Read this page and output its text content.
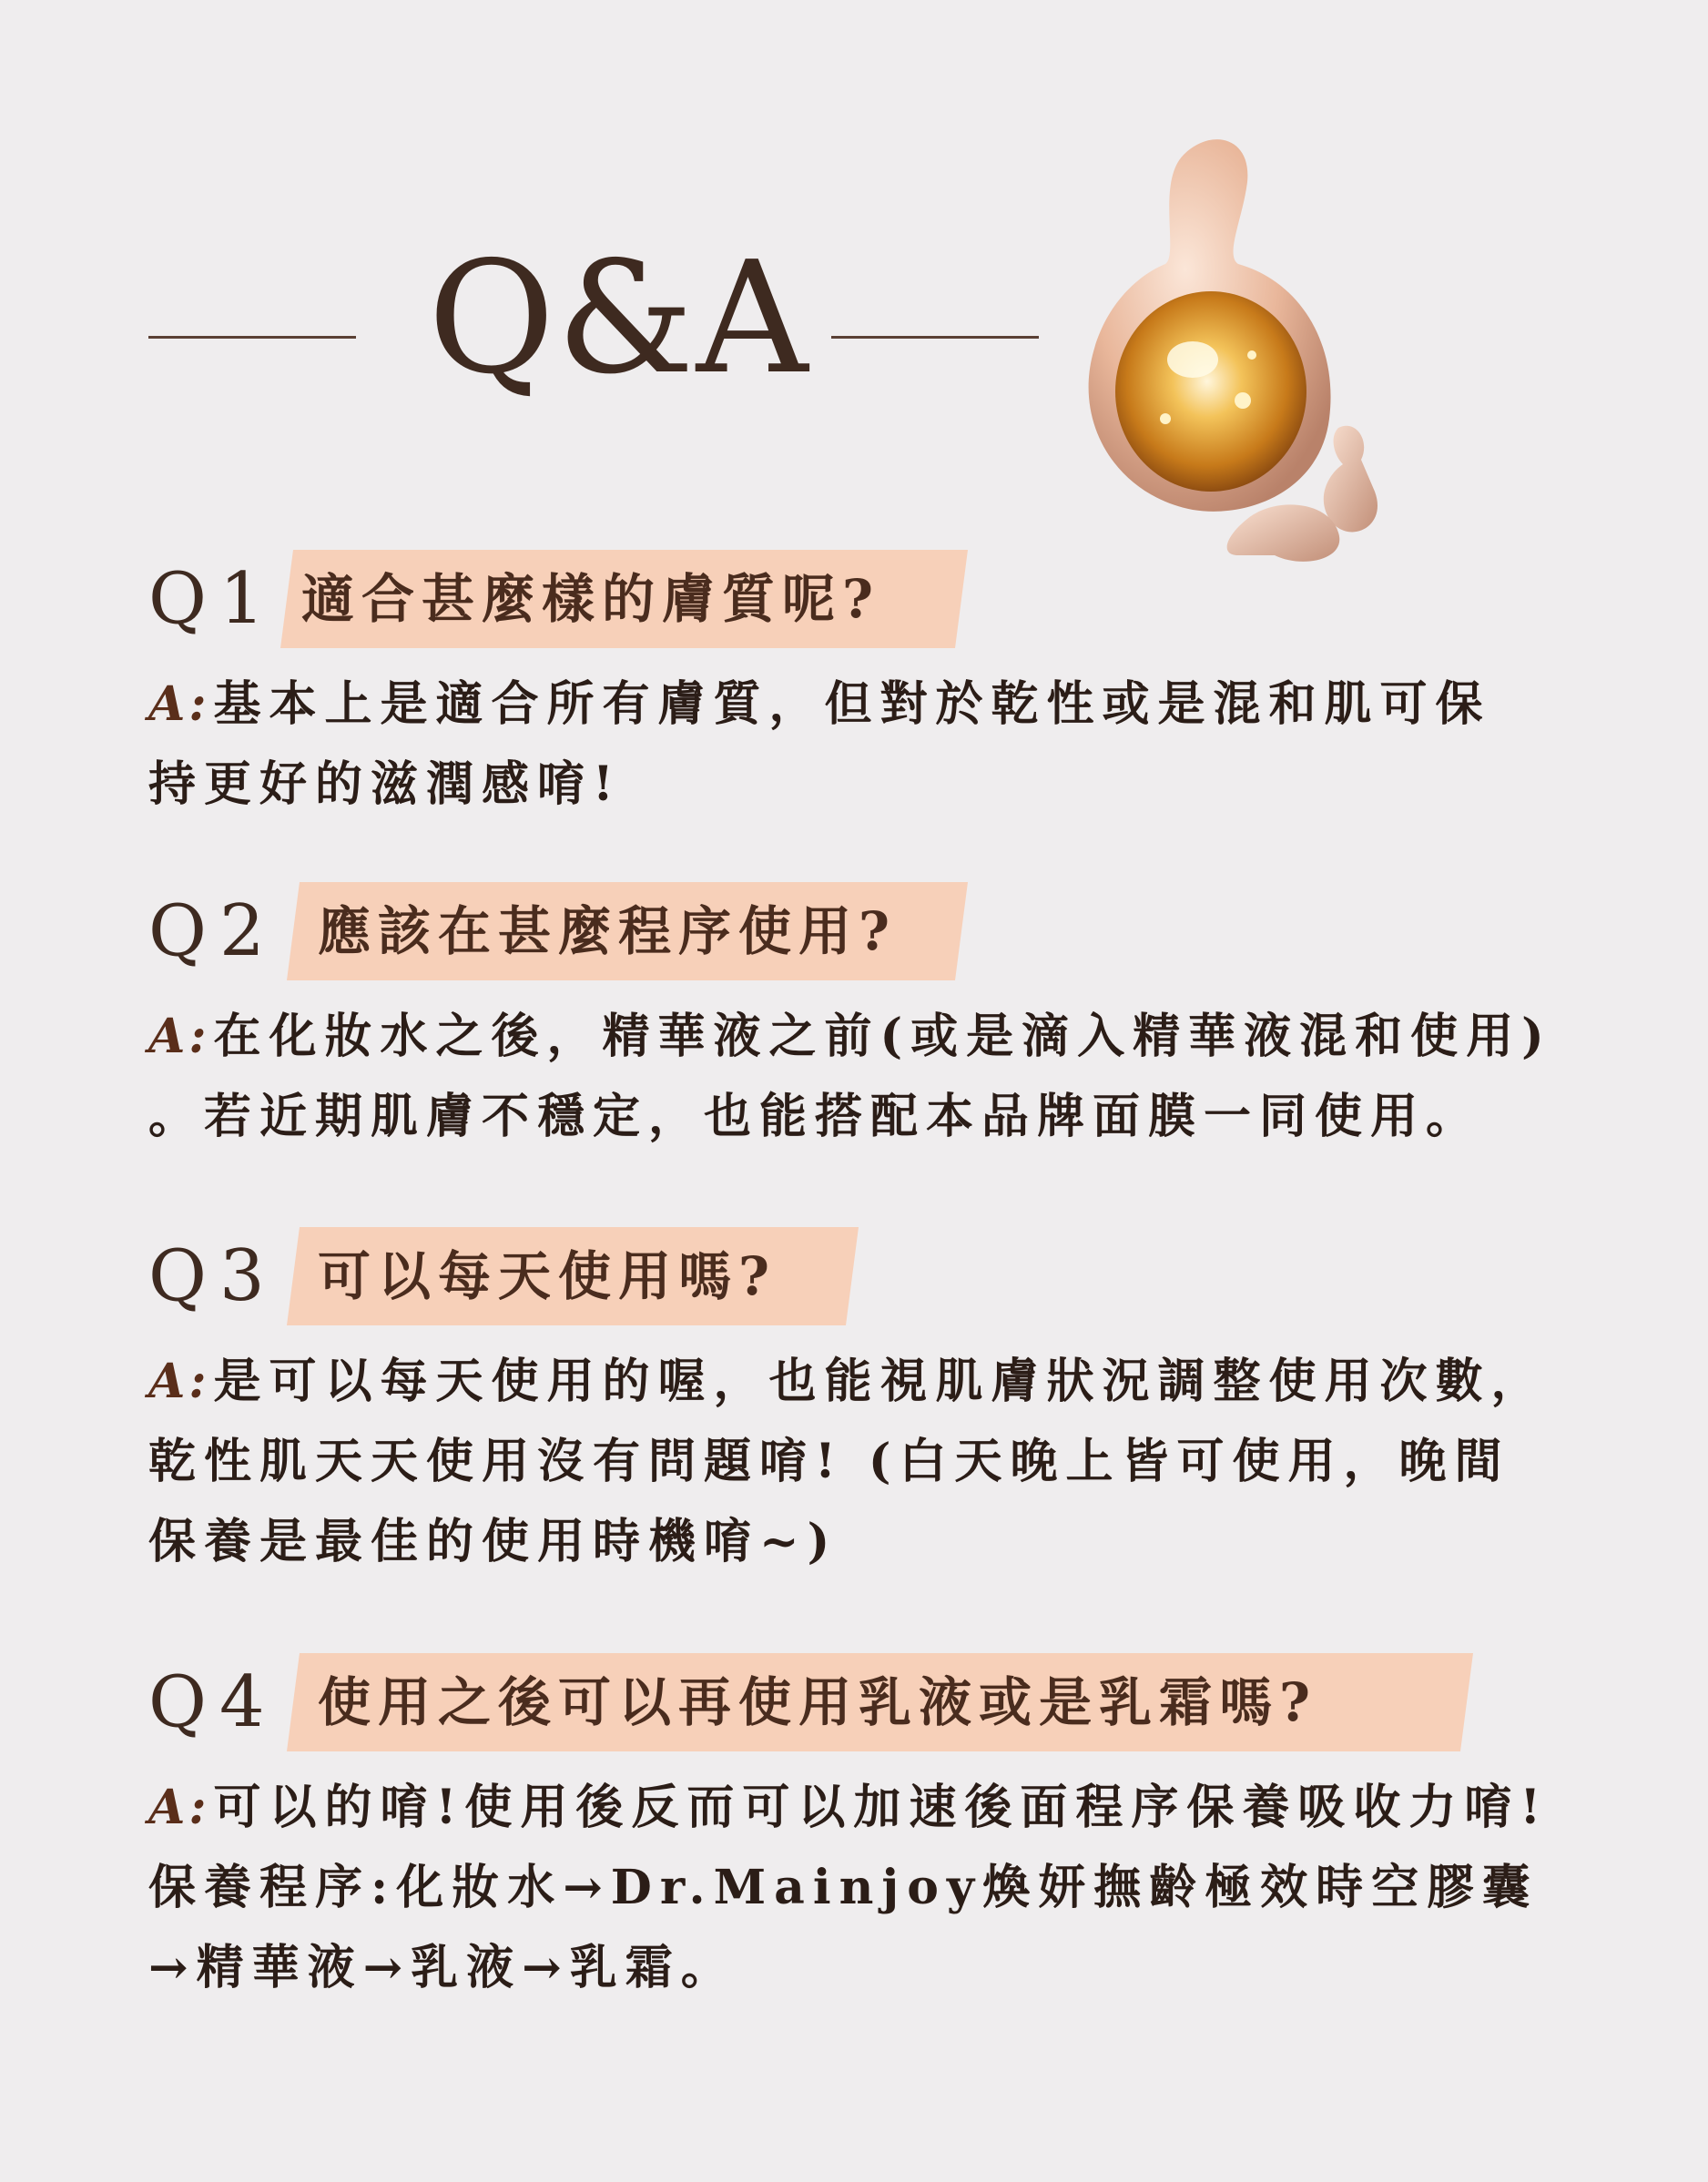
Q&A
Q1 適合甚麼樣的膚質呢?
A:基本上是適合所有膚質，但對於乾性或是混和肌可保
持更好的滋潤感唷!
Q2 應該在甚麼程序使用?
A:在化妝水之後，精華液之前(或是滴入精華液混和使用)
。若近期肌膚不穩定，也能搭配本品牌面膜一同使用。
Q3 可以每天使用嗎?
A:是可以每天使用的喔，也能視肌膚狀況調整使用次數，
乾性肌天天使用沒有問題唷! (白天晚上皆可使用，晚間
保養是最佳的使用時機唷~)
Q4 使用之後可以再使用乳液或是乳霜嗎?
A:可以的唷!使用後反而可以加速後面程序保養吸收力唷!
保養程序:化妝水→Dr.Mainjoy煥妍撫齡極效時空膠囊
→精華液→乳液→乳霜。
